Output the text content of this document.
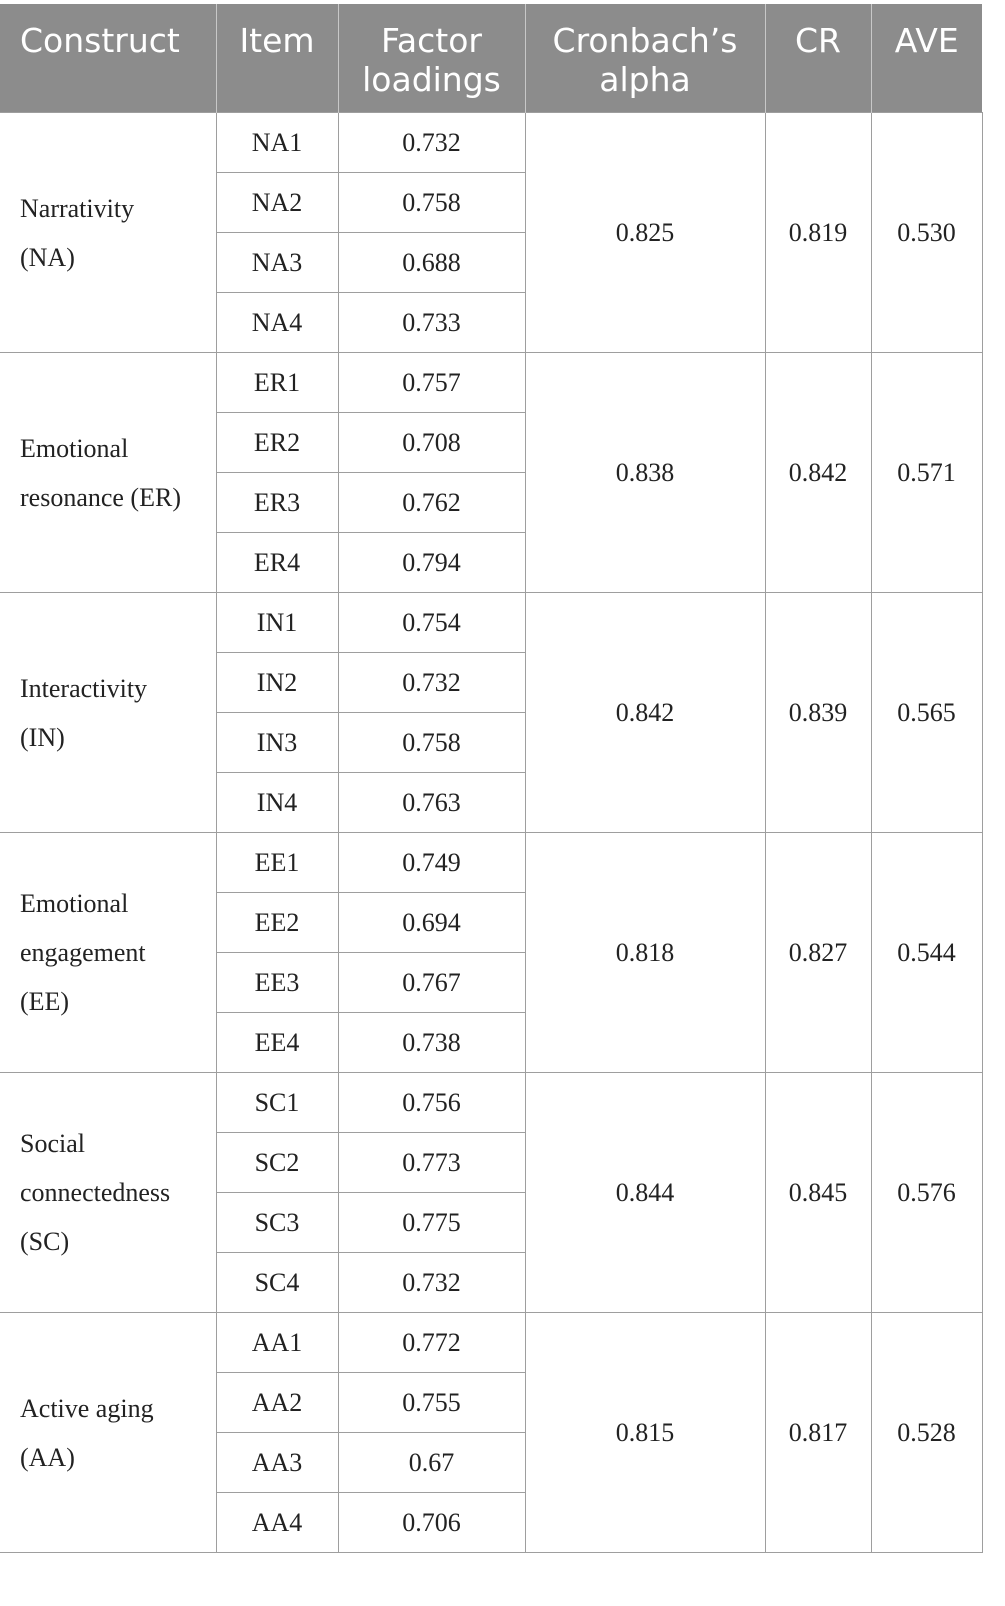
Construct	Item	Factor loadings	Cronbach’s alpha	CR	AVE
Narrativity
(NA)	NA1	0.732	0.825	0.819	0.530
	NA2	0.758			
	NA3	0.688			
	NA4	0.733			
Emotional
resonance (ER)	ER1	0.757	0.838	0.842	0.571
	ER2	0.708			
	ER3	0.762			
	ER4	0.794			
Interactivity
(IN)	IN1	0.754	0.842	0.839	0.565
	IN2	0.732			
	IN3	0.758			
	IN4	0.763			
Emotional
engagement
(EE)	EE1	0.749	0.818	0.827	0.544
	EE2	0.694			
	EE3	0.767			
	EE4	0.738			
Social
connectedness
(SC)	SC1	0.756	0.844	0.845	0.576
	SC2	0.773			
	SC3	0.775			
	SC4	0.732			
Active aging
(AA)	AA1	0.772	0.815	0.817	0.528
	AA2	0.755			
	AA3	0.67			
	AA4	0.706			
